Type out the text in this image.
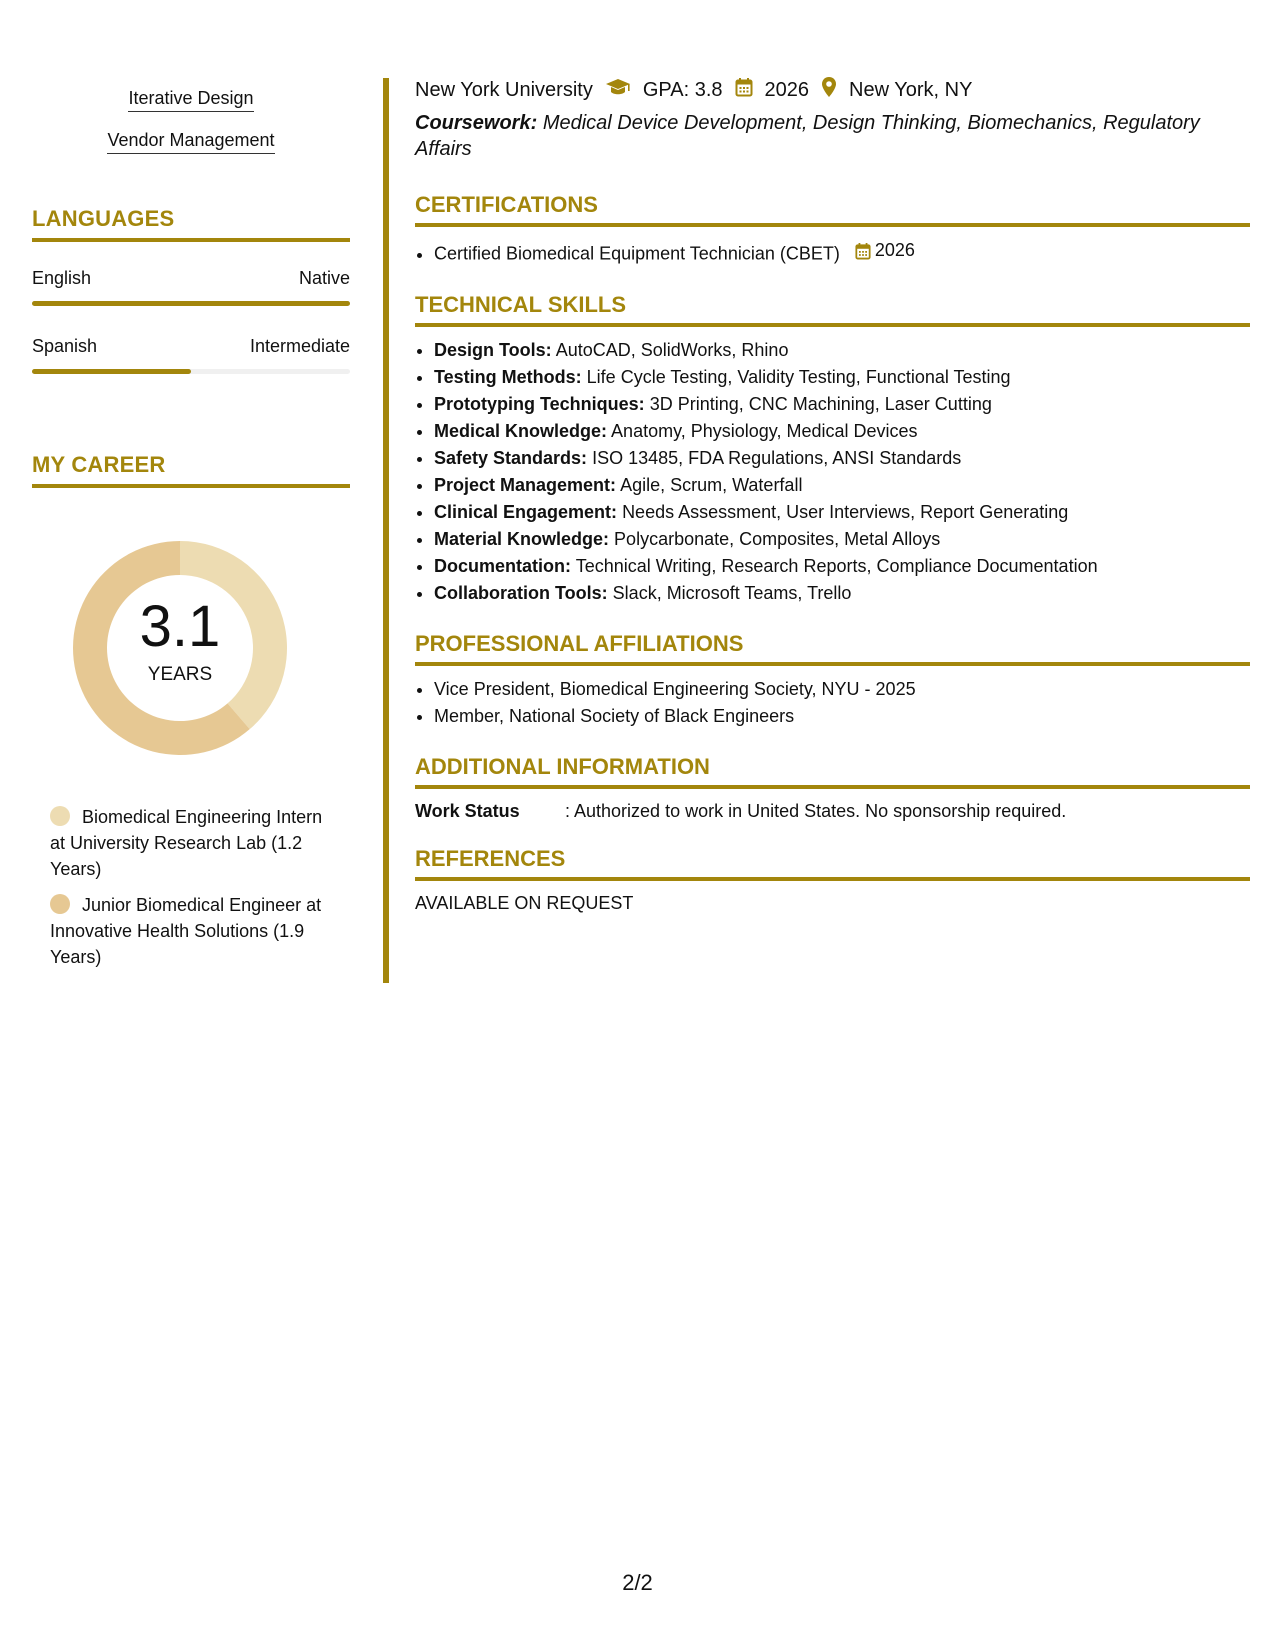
Iterative Design
Vendor Management
LANGUAGES
English	Native
Spanish	Intermediate
MY CAREER
3.1
YEARS
Biomedical Engineering Intern at University Research Lab (1.2 Years)
Junior Biomedical Engineer at Innovative Health Solutions (1.9 Years)
New York University	GPA: 3.8 2026 New York, NY
Coursework: Medical Device Development, Design Thinking, Biomechanics, Regulatory Affairs
CERTIFICATIONS
• Certified Biomedical Equipment Technician (CBET) 2026
TECHNICAL SKILLS
• Design Tools: AutoCAD, SolidWorks, Rhino
• Testing Methods: Life Cycle Testing, Validity Testing, Functional Testing
• Prototyping Techniques: 3D Printing, CNC Machining, Laser Cutting
• Medical Knowledge: Anatomy, Physiology, Medical Devices
• Safety Standards: ISO 13485, FDA Regulations, ANSI Standards
• Project Management: Agile, Scrum, Waterfall
• Clinical Engagement: Needs Assessment, User Interviews, Report Generating
• Material Knowledge: Polycarbonate, Composites, Metal Alloys
• Documentation: Technical Writing, Research Reports, Compliance Documentation
• Collaboration Tools: Slack, Microsoft Teams, Trello
PROFESSIONAL AFFILIATIONS
• Vice President, Biomedical Engineering Society, NYU - 2025
• Member, National Society of Black Engineers
ADDITIONAL INFORMATION
Work Status	: Authorized to work in United States. No sponsorship required.
REFERENCES
AVAILABLE ON REQUEST
2/2
